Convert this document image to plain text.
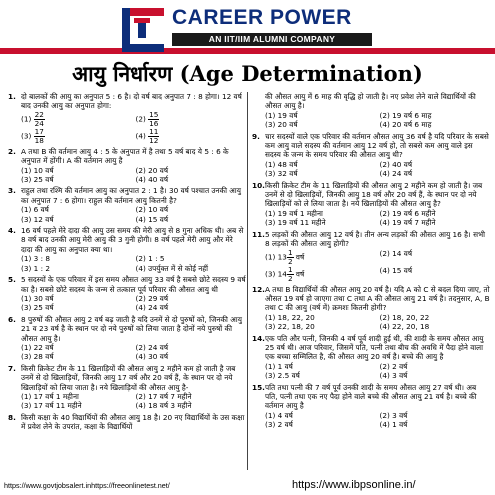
CAREER POWER
AN IIT/IIM ALUMNI COMPANY
आयु निर्धारण (Age Determination)
1. दो बालकों की आयु का अनुपात 5 : 6 है। दो वर्ष बाद अनुपात 7 : 8 होगा। 12 वर्ष बाद उनकी आयु का अनुपात होगा:
$(1) \frac{22}{24}$	$(2) \frac{15}{16}$
$(3) \frac{17}{18}$	$(4) \frac{11}{12}$
2. A तथा B की वर्तमान आयु 4 : 5 के अनुपात में है तथा 5 वर्ष बाद ये 5 : 6 के अनुपात में होंगी। A की वर्तमान आयु है
(1) 10 वर्ष	(2) 20 वर्ष
(3) 25 वर्ष	(4) 40 वर्ष
3. राहुल तथा रश्मि की वर्तमान आयु का अनुपात 2 : 1 है। 30 वर्ष पश्चात उनकी आयु का अनुपात 7 : 6 होगा। राहुल की वर्तमान आयु कितनी है?
(1) 6 वर्ष	(2) 10 वर्ष
(3) 12 वर्ष	(4) 15 वर्ष
4. 16 वर्ष पहले मेरे दादा की आयु उस समय की मेरी आयु से 8 गुना अधिक थी। अब से 8 वर्ष बाद उनकी आयु मेरी आयु की 3 गुनी होगी। 8 वर्ष पहले मेरी आयु और मेरे दादा की आयु का अनुपात क्या था।
(1) 3 : 8	(2) 1 : 5
(3) 1 : 2	(4) उपर्युक्त में से कोई नहीं
5. 5 सदस्यों के एक परिवार में इस समय औसत आयु 33 वर्ष है सबसे छोटे सदस्य 9 वर्ष का है। सबसे छोटे सदस्य के जन्म से तत्काल पूर्व परिवार की औसत आयु थी
(1) 30 वर्ष	(2) 29 वर्ष
(3) 25 वर्ष	(4) 24 वर्ष
6. 8 पुरुषों की औसत आयु 2 वर्ष बढ़ जाती है यदि उनमें से दो पुरुषों को, जिनकी आयु 21 व 23 वर्ष है के स्थान पर दो नये पुरुषों को लिया जाता है दोनों नये पुरुषों की औसत आयु है।
(1) 22 वर्ष	(2) 24 वर्ष
(3) 28 वर्ष	(4) 30 वर्ष
7. किसी क्रिकेट टीम के 11 खिलाड़ियों की औसत आयु 2 महीने कम हो जाती है जब उनमें से दो खिलाड़ियों, जिनकी आयु 17 वर्ष और 20 वर्ष हैं, के स्थान पर दो नये खिलाड़ियों को लिया जाता है। नये खिलाड़ियों की औसत आयु है-
(1) 17 वर्ष 1 महीना	(2) 17 वर्ष 7 महीने
(3) 17 वर्ष 11 महीने	(4) 18 वर्ष 3 महीने
8. किसी कक्षा के 40 विद्यार्थियों की औसत आयु 18 है। 20 नए विद्यार्थियों के उस कक्षा में प्रवेश लेने के उपरांत, कक्षा के विद्यार्थियों
की औसत आयु में 6 माह की वृद्धि हो जाती है। नए प्रवेश लेने वाले विद्यार्थियों की औसत आयु है।
(1) 19 वर्ष	(2) 19 वर्ष 6 माह
(3) 20 वर्ष	(4) 20 वर्ष 6 माह
9. चार सदस्यों वाले एक परिवार की वर्तमान औसत आयु 36 वर्ष है यदि परिवार के सबसे कम आयु वाले सदस्य की वर्तमान आयु 12 वर्ष हो, तो सबसे कम आयु वाले इस सदस्य के जन्म के समय परिवार की औसत आयु थी?
(1) 48 वर्ष	(2) 40 वर्ष
(3) 32 वर्ष	(4) 24 वर्ष
10. किसी क्रिकेट टीम के 11 खिलाड़ियों की औसत आयु 2 महीने कम हो जाती है। जब उनमें से दो खिलाड़ियों, जिनकी आयु 18 वर्ष और 20 वर्ष हैं, के स्थान पर दो नये खिलाड़ियों को ले लिया जाता है। नये खिलाड़ियों की औसत आयु है?
(1) 19 वर्ष 1 महीना	(2) 19 वर्ष 6 महीने
(3) 19 वर्ष 11 महीने	(4) 19 वर्ष 7 महीने
11. 5 लड़कों की औसत आयु 12 वर्ष है। तीन अन्य लड़कों की औसत आयु 16 है। सभी 8 लड़कों की औसत आयु होगी?
(1) $13 \frac{1}{2}$ वर्ष	(2) 14 वर्ष
(3) $14 \frac{1}{2}$ वर्ष	(4) 15 वर्ष
12. A तथा B विद्यार्थियों की औसत आयु 20 वर्ष है। यदि A को C से बदल दिया जाए, तो औसत 19 वर्ष हो जाएगा तथा C तथा A की औसत आयु 21 वर्ष है। तदनुसार, A, B तथा C की आयु (वर्ष में) क्रमशः कितनी होगी?
(1) 18, 22, 20	(2) 18, 20, 22
(3) 22, 18, 20	(4) 22, 20, 18
14. एक पति और पत्नी, जिनकी 4 वर्ष पूर्व शादी हुई थी, की शादी के समय औसत आयु 25 वर्ष थी। आज परिवार, जिसमें पति, पत्नी तथा बीच की अवधि में पैदा होने वाला एक बच्चा सम्मिलित है, की औसत आयु 20 वर्ष है। बच्चे की आयु है
(1) 1 वर्ष	(2) 2 वर्ष
(3) 2.5 वर्ष	(4) 3 वर्ष
15. पति तथा पत्नी की 7 वर्ष पूर्व उनकी शादी के समय औसत आयु 27 वर्ष थी। अब पति, पत्नी तथा एक नए पैदा होने वाले बच्चे की औसत आयु 21 वर्ष है। बच्चे की वर्तमान आयु है
(1) 4 वर्ष	(2) 3 वर्ष
(3) 2 वर्ष	(4) 1 वर्ष
https://www.govtjobsalert.inhttps://freeonlinetest.net/	https://www.ibpsonline.in/
